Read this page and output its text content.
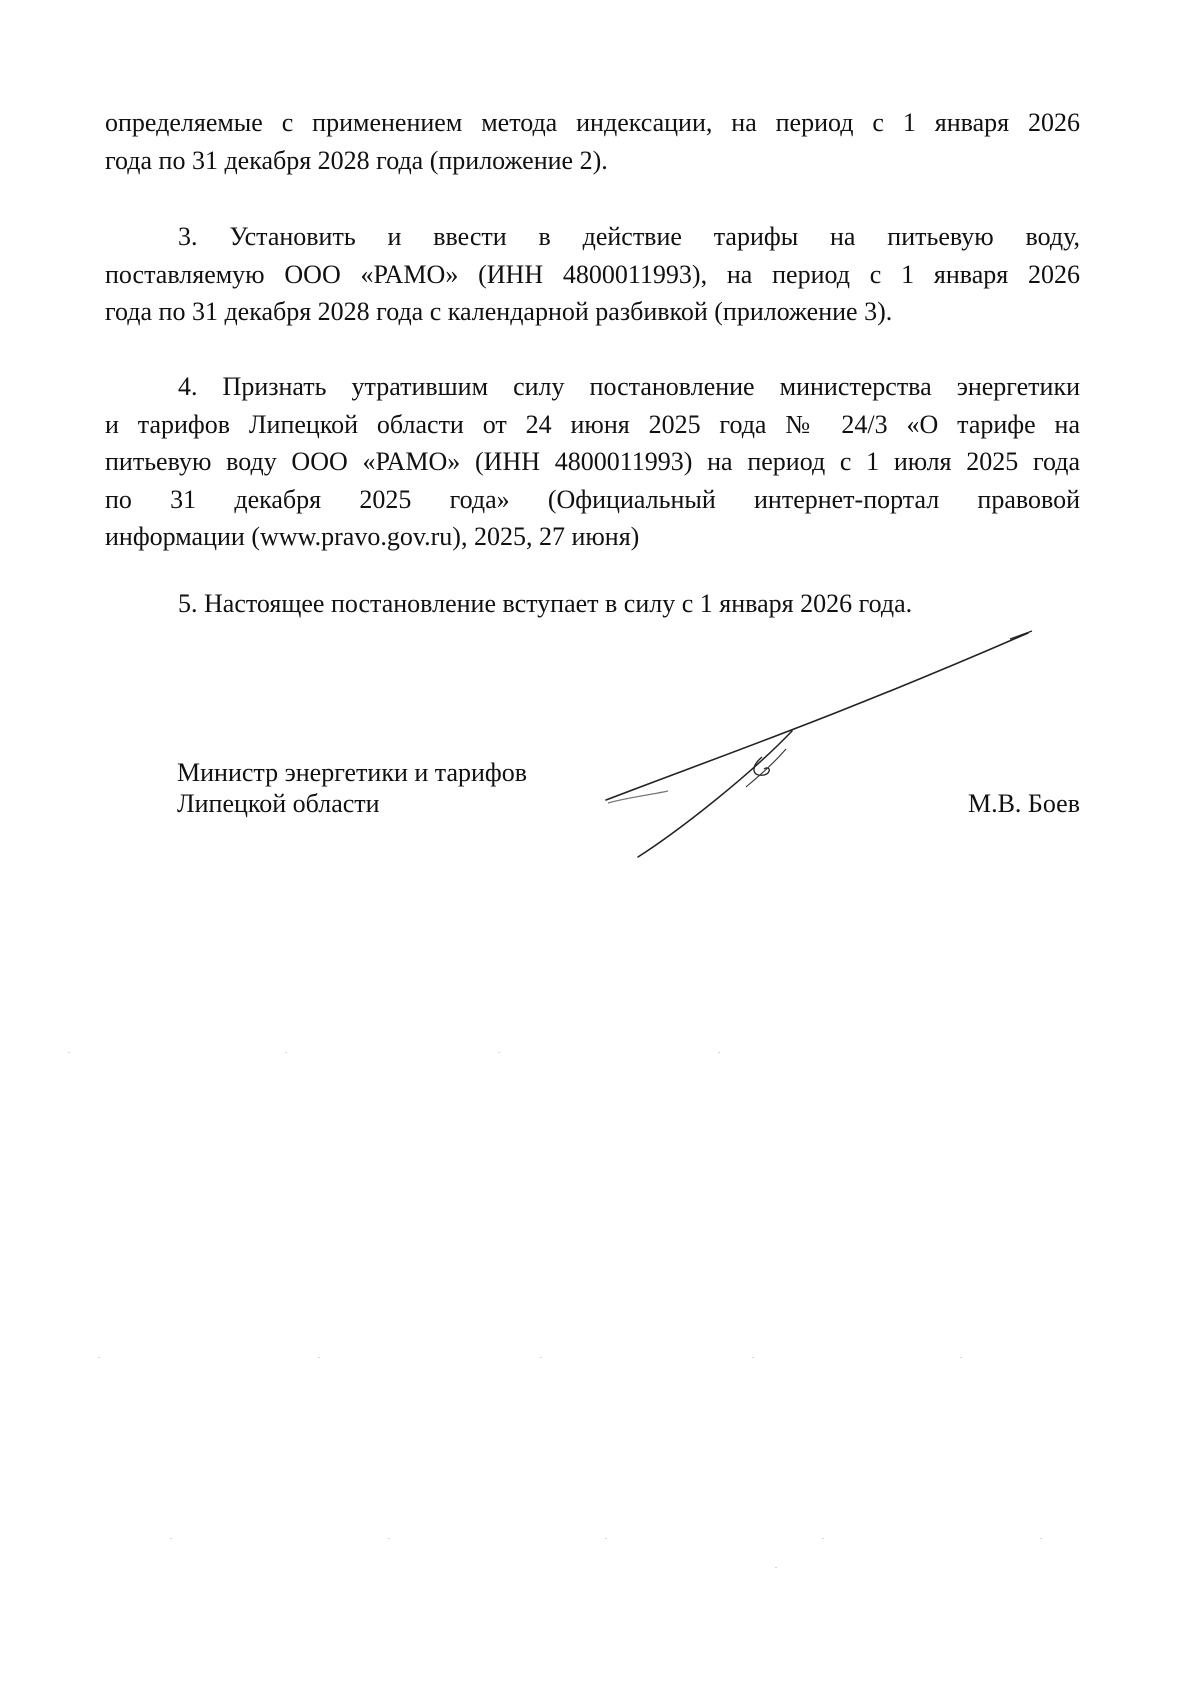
определяемые с применением метода индексации, на период с 1 января 2026
года по 31 декабря 2028 года (приложение 2).
3. Установить и ввести в действие тарифы на питьевую воду,
поставляемую ООО «РАМО» (ИНН 4800011993), на период с 1 января 2026
года по 31 декабря 2028 года с календарной разбивкой (приложение 3).
4. Признать утратившим силу постановление министерства энергетики
и тарифов Липецкой области от 24 июня 2025 года № 24/3 «О тарифе на
питьевую воду ООО «РАМО» (ИНН 4800011993) на период с 1 июля 2025 года
по 31 декабря 2025 года» (Официальный интернет-портал правовой
информации (www.pravo.gov.ru), 2025, 27 июня)
5. Настоящее постановление вступает в силу с 1 января 2026 года.
Министр энергетики и тарифов
Липецкой области	М.В. Боев
